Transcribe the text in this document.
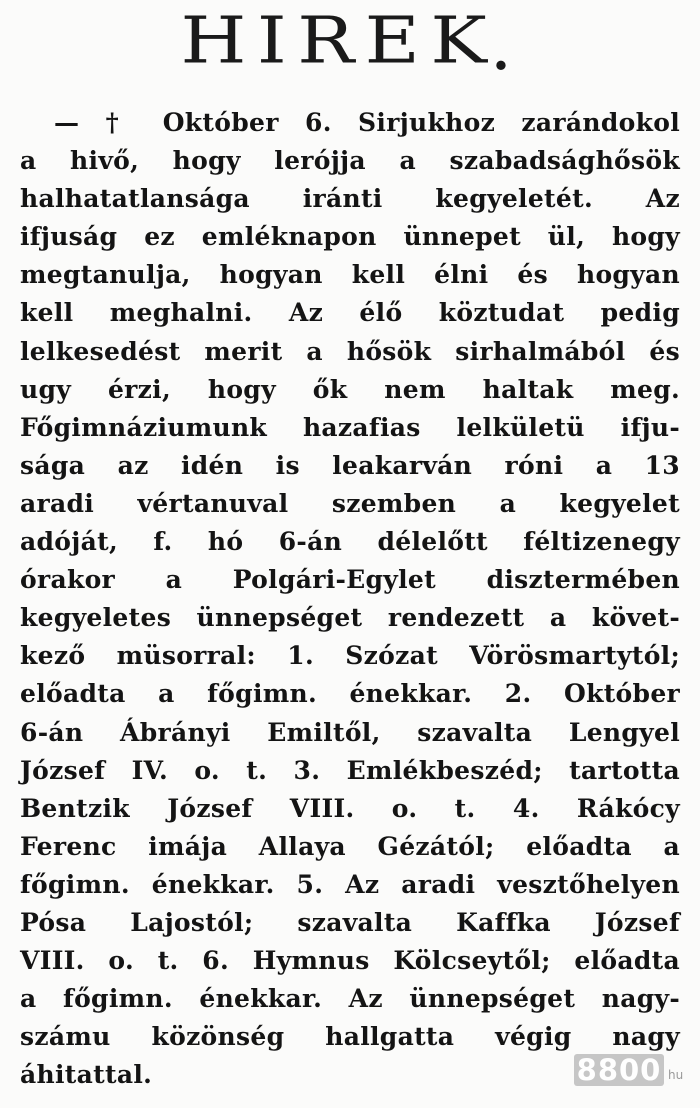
HIREK.
— † Október 6. Sirjukhoz zarándokol
a hivő, hogy lerójja a szabadsághősök
halhatatlansága iránti kegyeletét. Az
ifjuság ez emléknapon ünnepet ül, hogy
megtanulja, hogyan kell élni és hogyan
kell meghalni. Az élő köztudat pedig
lelkesedést merit a hősök sirhalmából és
ugy érzi, hogy ők nem haltak meg.
Főgimnáziumunk hazafias lelkületü ifju-
sága az idén is leakarván róni a 13
aradi vértanuval szemben a kegyelet
adóját, f. hó 6-án délelőtt féltizenegy
órakor a Polgári-Egylet disztermében
kegyeletes ünnepséget rendezett a követ-
kező müsorral: 1. Szózat Vörösmartytól;
előadta a főgimn. énekkar. 2. Október
6-án Ábrányi Emiltől, szavalta Lengyel
József IV. o. t. 3. Emlékbeszéd; tartotta
Bentzik József VIII. o. t. 4. Rákócy
Ferenc imája Allaya Gézától; előadta a
főgimn. énekkar. 5. Az aradi vesztőhelyen
Pósa Lajostól; szavalta Kaffka József
VIII. o. t. 6. Hymnus Kölcseytől; előadta
a főgimn. énekkar. Az ünnepséget nagy-
számu közönség hallgatta végig nagy
áhitattal.	8800 hu
